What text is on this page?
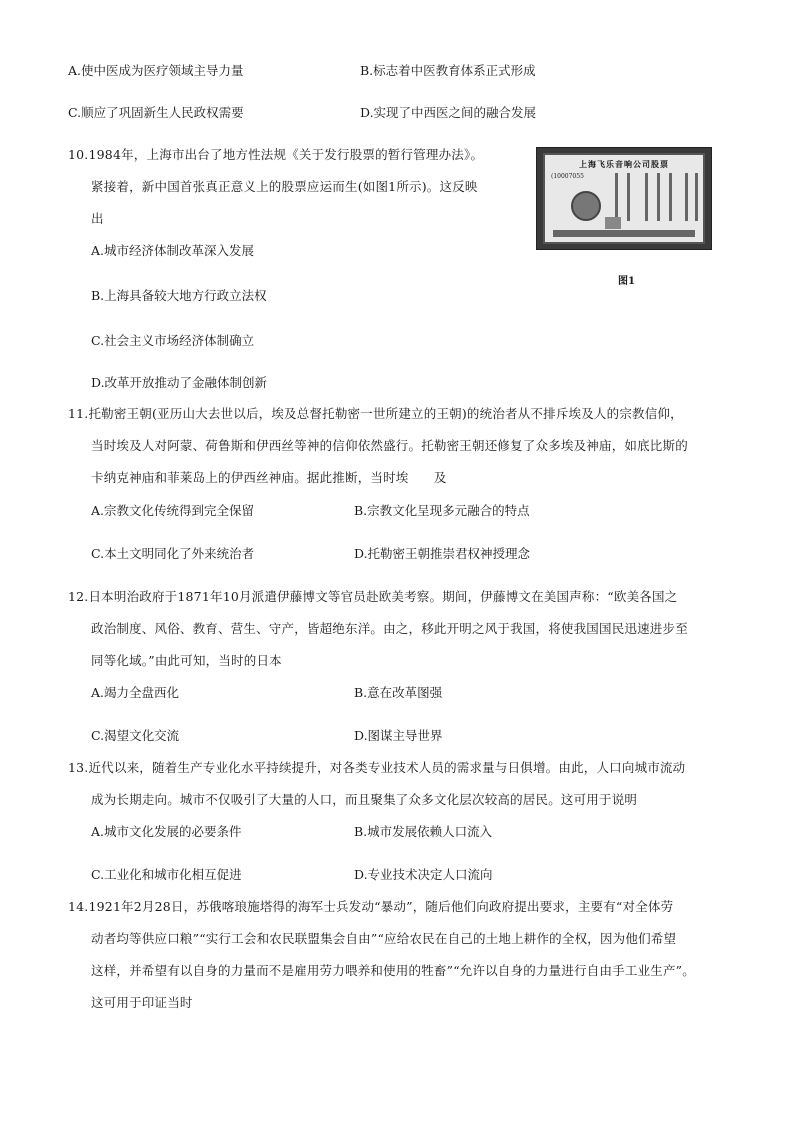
A.使中医成为医疗领域主导力量	B.标志着中医教育体系正式形成
C.顺应了巩固新生人民政权需要	D.实现了中西医之间的融合发展
10.1984年，上海市出台了地方性法规《关于发行股票的暂行管理办法》。
紧接着，新中国首张真正意义上的股票应运而生(如图1所示)。这反映
出
A.城市经济体制改革深入发展
B.上海具备较大地方行政立法权
C.社会主义市场经济体制确立
D.改革开放推动了金融体制创新
上海飞乐音响公司股票
(10007055
图1
11.托勒密王朝(亚历山大去世以后，埃及总督托勒密一世所建立的王朝)的统治者从不排斥埃及人的宗教信仰，
当时埃及人对阿蒙、荷鲁斯和伊西丝等神的信仰依然盛行。托勒密王朝还修复了众多埃及神庙，如底比斯的
卡纳克神庙和菲莱岛上的伊西丝神庙。据此推断，当时埃　　及
A.宗教文化传统得到完全保留	B.宗教文化呈现多元融合的特点
C.本土文明同化了外来统治者	D.托勒密王朝推崇君权神授理念
12.日本明治政府于1871年10月派遣伊藤博文等官员赴欧美考察。期间，伊藤博文在美国声称：“欧美各国之
政治制度、风俗、教育、营生、守产，皆超绝东洋。由之，移此开明之风于我国，将使我国国民迅速进步至
同等化域。”由此可知，当时的日本
A.竭力全盘西化	B.意在改革图强
C.渴望文化交流	D.图谋主导世界
13.近代以来，随着生产专业化水平持续提升，对各类专业技术人员的需求量与日俱增。由此，人口向城市流动
成为长期走向。城市不仅吸引了大量的人口，而且聚集了众多文化层次较高的居民。这可用于说明
A.城市文化发展的必要条件	B.城市发展依赖人口流入
C.工业化和城市化相互促进	D.专业技术决定人口流向
14.1921年2月28日，苏俄喀琅施塔得的海军士兵发动“暴动”，随后他们向政府提出要求，主要有“对全体劳
动者均等供应口粮”“实行工会和农民联盟集会自由”“应给农民在自己的土地上耕作的全权，因为他们希望
这样，并希望有以自身的力量而不是雇用劳力喂养和使用的牲畜”“允许以自身的力量进行自由手工业生产”。
这可用于印证当时
